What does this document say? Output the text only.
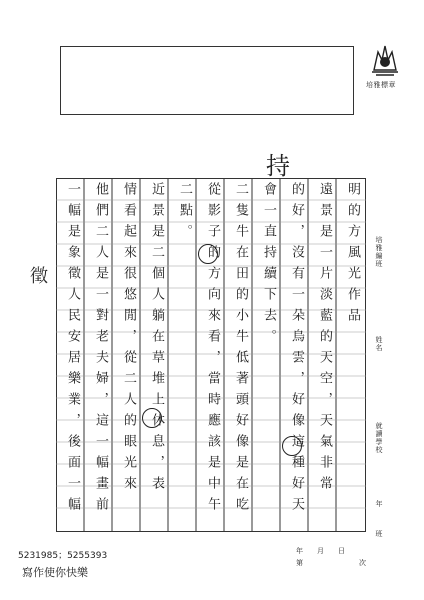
培雅標章
培雅編班
姓名
就讀學校
年
班
持
徵	明的方風光作品
遠景是一片淡藍的天空，天氣非常
的好，沒有一朵烏雲，好像這種好天
會一直持續下去。
二隻牛在田的小牛低著頭好像是在吃
從影子的方向來看，當時應該是中午
二點。
近景是二個人躺在草堆上休息，表
情看起來很悠閒，從二人的眼光來
他們二人是一對老夫婦，這一幅畫前
一幅是象徵人民安居樂業，後面一幅
年 月 日
第	次
5231985；5255393
寫作使你快樂
